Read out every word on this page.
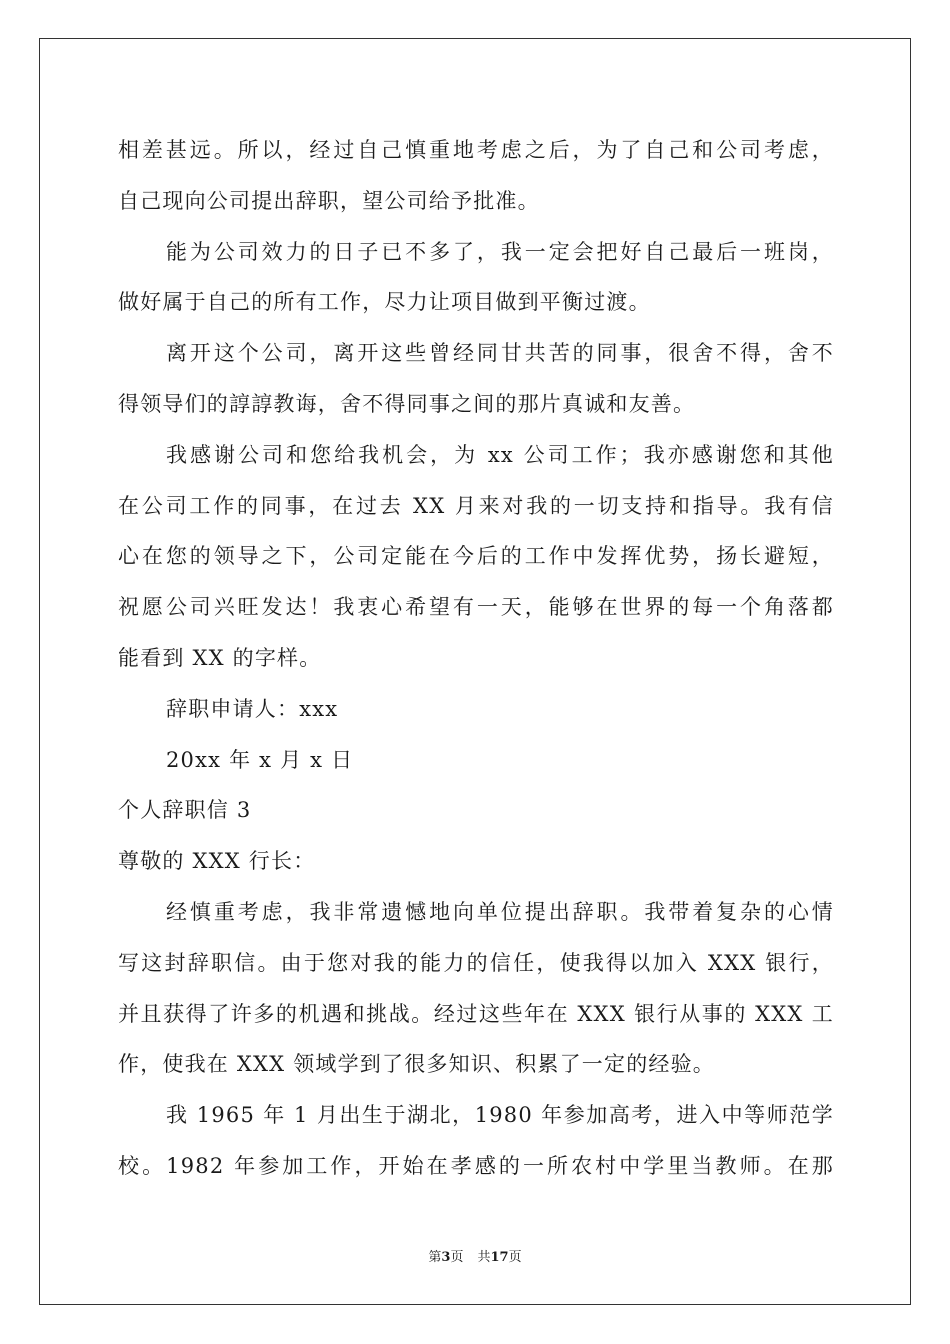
相差甚远。所以，经过自己慎重地考虑之后，为了自己和公司考虑，
自己现向公司提出辞职，望公司给予批准。
能为公司效力的日子已不多了，我一定会把好自己最后一班岗，
做好属于自己的所有工作，尽力让项目做到平衡过渡。
离开这个公司，离开这些曾经同甘共苦的同事，很舍不得，舍不
得领导们的諄諄教诲，舍不得同事之间的那片真诚和友善。
我感谢公司和您给我机会，为 xx 公司工作；我亦感谢您和其他
在公司工作的同事，在过去 XX 月来对我的一切支持和指导。我有信
心在您的领导之下，公司定能在今后的工作中发挥优势，扬长避短，
祝愿公司兴旺发达！我衷心希望有一天，能够在世界的每一个角落都
能看到 XX 的字样。
辞职申请人：xxx
20xx 年 x 月 x 日
个人辞职信 3
尊敬的 XXX 行长：
经慎重考虑，我非常遗憾地向单位提出辞职。我带着复杂的心情
写这封辞职信。由于您对我的能力的信任，使我得以加入 XXX 银行，
并且获得了许多的机遇和挑战。经过这些年在 XXX 银行从事的 XXX 工
作，使我在 XXX 领域学到了很多知识、积累了一定的经验。
我 1965 年 1 月出生于湖北，1980 年参加高考，进入中等师范学
校。1982 年参加工作，开始在孝感的一所农村中学里当教师。在那
第3页 共17页
